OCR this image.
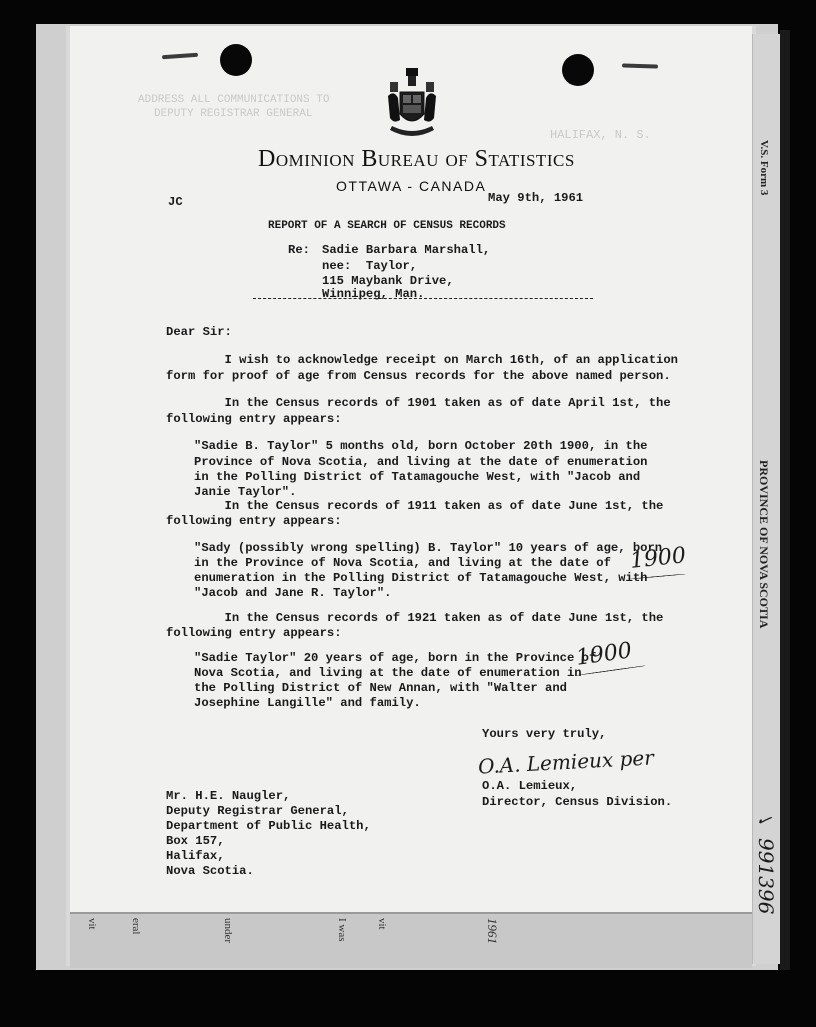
vit	eral	under	I was	vit	1961
ADDRESS ALL COMMUNICATIONS TO
DEPUTY REGISTRAR GENERAL
HALIFAX, N. S.
Dominion Bureau of Statistics
OTTAWA - CANADA
JC	May 9th, 1961
REPORT OF A SEARCH OF CENSUS RECORDS
Re: Sadie Barbara Marshall,
nee:  Taylor,
115 Maybank Drive,
Winnipeg, Man.
Dear Sir:
I wish to acknowledge receipt on March 16th, of an application
form for proof of age from Census records for the above named person.
In the Census records of 1901 taken as of date April 1st, the
following entry appears:
"Sadie B. Taylor" 5 months old, born October 20th 1900, in the
Province of Nova Scotia, and living at the date of enumeration
in the Polling District of Tatamagouche West, with "Jacob and
Janie Taylor".
In the Census records of 1911 taken as of date June 1st, the
following entry appears:
"Sady (possibly wrong spelling) B. Taylor" 10 years of age, born
in the Province of Nova Scotia, and living at the date of
enumeration in the Polling District of Tatamagouche West, with
"Jacob and Jane R. Taylor".
In the Census records of 1921 taken as of date June 1st, the
following entry appears:
"Sadie Taylor" 20 years of age, born in the Province of
Nova Scotia, and living at the date of enumeration in
the Polling District of New Annan, with "Walter and
Josephine Langille" and family.
1900
1900
Yours very truly,
O.A. Lemieux per
O.A. Lemieux,
Director, Census Division.
Mr. H.E. Naugler,
Deputy Registrar General,
Department of Public Health,
Box 157,
Halifax,
Nova Scotia.
V.S. Form 3
PROVINCE OF NOVA SCOTIA
✓
991396
